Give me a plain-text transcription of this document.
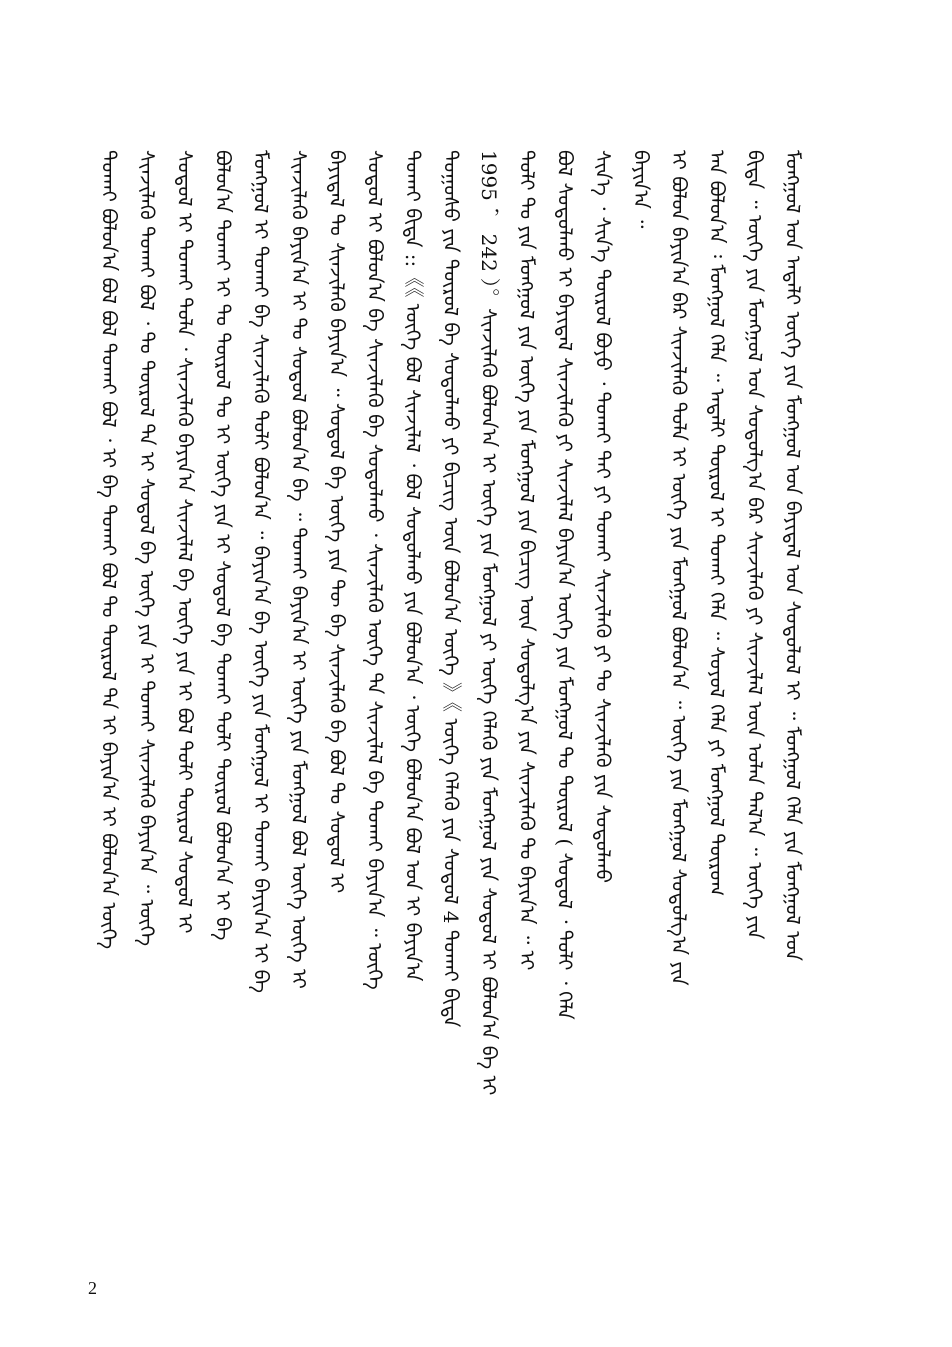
ᠮᠣᠩᠭᠣᠯ ᠤᠨ ᠠᠳᠠᠯᠢ ᠦᠭᠡ ᠶᠢᠨ ᠮᠣᠩᠭᠣᠯ ᠤᠨ ᠪᠠᠶᠢᠳᠠᠯ ᠤᠨ ᠰᠤᠳᠤᠯᠤᠯ ᠢ ᠃ ᠮᠣᠩᠭᠣᠯ ᠬᠡᠯᠡ ᠶᠢᠨ ᠮᠣᠩᠭᠣᠯ ᠤᠨ
ᠪᠢᠳᠡ ᠃ ᠦᠭᠡ ᠶᠢᠨ ᠮᠣᠩᠭᠣᠯ ᠤᠨ ᠰᠤᠳᠤᠯᠭ᠎ᠠ ᠪᠠᠷ ᠰᠢᠨᠵᠢᠯᠡᠬᠦ ᠶᠢ ᠰᠢᠨᠵᠢᠯᠡᠯ ᠦᠨ ᠣᠯᠠᠨ ᠲᠠᠯ᠎ᠠ ᠃ ᠦᠭᠡ ᠶᠢᠨ
ᠠᠨ ᠪᠣᠯᠣᠨ᠎ᠠ ᠄ ᠮᠣᠩᠭᠣᠯ ᠬᠡᠯᠡ ᠃ ᠠᠳᠠᠯᠢ ᠲᠥᠷᠥᠯ ᠢ ᠲᠤᠬᠠᠢ ᠬᠡᠯᠡ ᠃ ᠰᠣᠶᠣᠯ ᠬᠡᠯᠡ ᠶᠢ ᠮᠣᠩᠭᠣᠯ ᠲᠦᠷᠦᠬ
ᠢ ᠪᠣᠯᠤᠨ ᠪᠠᠶᠢᠨ᠎ᠠ ᠪᠠᠷ ᠰᠢᠨᠵᠢᠯᠡᠬᠦ ᠲᠤᠯᠠ ᠢ ᠦᠭᠡ ᠶᠢᠨ ᠮᠣᠩᠭᠣᠯ ᠪᠣᠯᠣᠨ᠎ᠠ ᠃ ᠦᠭᠡ ᠶᠢᠨ ᠮᠣᠩᠭᠣᠯ ᠰᠤᠳᠤᠯᠭ᠎ᠠ ᠶᠢᠨ
ᠪᠠᠶᠢᠨ᠎ᠠ ᠃
ᠰᠢᠨ᠎ᠡ ᠂ ᠰᠢᠨ᠎ᠡ ᠲᠥᠷᠥᠯ ᠪᠤᠶᠤ ᠂ ᠲᠤᠬᠠᠢ ᠲᠠᠢ ᠶᠢ ᠲᠤᠬᠠᠢ ᠰᠢᠨᠵᠢᠯᠡᠬᠦ ᠶᠢ ᠲᠤ ᠰᠢᠨᠵᠢᠯᠡᠬᠦ ᠶᠢᠨ ᠰᠤᠳᠤᠯᠬᠤ
ᠪᠣᠯ ᠰᠤᠳᠤᠯᠬᠤ ᠢ ᠪᠠᠶᠢᠳᠠᠯ ᠰᠢᠨᠵᠢᠯᠡᠬᠦ ᠶᠢ ᠰᠢᠨᠵᠢᠯᠡᠯ ᠪᠠᠶᠢᠨ᠎ᠠ ᠦᠭᠡ ᠶᠢᠨ ᠮᠣᠩᠭᠣᠯ ᠲᠤ ᠲᠥᠷᠥᠯ ( ᠰᠤᠳᠤᠯ ᠂ ᠲᠣᠯᠢ ᠂ ᠬᠡᠯᠡ
ᠲᠣᠯᠢ ᠲᠤ ᠶᠢᠨ ᠮᠣᠩᠭᠣᠯ ᠶᠢᠨ ᠦᠭᠡ ᠶᠢᠨ ᠮᠣᠩᠭᠣᠯ ᠶᠢᠨ ᠪᠢᠴᠢᠭ ᠦᠨ ᠰᠤᠳᠤᠯᠭ᠎ᠠ ᠶᠢᠨ ᠰᠢᠨᠵᠢᠯᠡᠬᠦ ᠲᠤ ᠪᠠᠶᠢᠨ᠎ᠠ ᠃ ᠢ
1995 ， 242 ）。ᠰᠢᠨᠵᠢᠯᠡᠬᠦ ᠪᠣᠯᠣᠨ᠎ᠠ ᠢ ᠦᠭᠡ ᠶᠢᠨ ᠮᠣᠩᠭᠣᠯ ᠶᠢ ᠦᠭᠡ ᠬᠡᠯᠡᠬᠦ ᠶᠢᠨ ᠮᠣᠩᠭᠣᠯ ᠶᠢᠨ ᠰᠤᠳᠤᠯ ᠢ ᠪᠣᠯᠣᠨ᠎ᠠ ᠪᠠ ᠢ
ᠲᠤᠭᠤᠰᠤ ᠶᠢᠨ ᠲᠥᠷᠥᠯ ᠪᠠ ᠰᠤᠳᠤᠯᠬᠤ ᠶᠢ ᠪᠢᠴᠢᠭ ᠦᠨ ᠪᠣᠯᠣᠨ᠎ᠠ ᠦᠭᠡ 》《 ᠦᠭᠡ ᠬᠡᠯᠡᠬᠦ ᠶᠢᠨ ᠰᠤᠳᠤᠯ 4 ᠲᠤᠬᠠᠢ ᠪᠢᠳᠡ
ᠲᠤᠬᠠᠢ ᠪᠢᠳᠡ ::《《 ᠦᠭᠡ ᠪᠣᠯ ᠰᠢᠨᠵᠢᠯᠡᠯ ᠂ ᠪᠣᠯ ᠰᠤᠳᠤᠯᠬᠤ ᠶᠢᠨ ᠪᠣᠯᠣᠨ᠎ᠠ ᠂ ᠦᠭᠡ ᠪᠣᠯᠣᠨ᠎ᠠ ᠪᠣᠯ ᠤᠨ ᠢ ᠪᠠᠶᠢᠨ᠎ᠠ
ᠰᠤᠳᠤᠯ ᠢ ᠪᠣᠯᠣᠨ᠎ᠠ ᠪᠠ ᠰᠢᠨᠵᠢᠯᠡᠬᠦ ᠪᠠ ᠰᠤᠳᠤᠯᠬᠤ ᠂ ᠰᠢᠨᠵᠢᠯᠡᠬᠦ ᠦᠭᠡ ᠲᠠ ᠰᠢᠨᠵᠢᠯᠡᠯ ᠪᠠ ᠲᠤᠬᠠᠢ ᠪᠠᠶᠢᠨ᠎ᠠ ᠃ ᠦᠭᠡ
ᠪᠠᠶᠢᠳᠠᠯ ᠲᠤ ᠰᠢᠨᠵᠢᠯᠡᠬᠦ ᠪᠠᠶᠢᠨ᠎ᠠ ᠃ ᠰᠤᠳᠤᠯ ᠪᠠ ᠦᠭᠡ ᠶᠢᠨ ᠲᠦ ᠪᠠ ᠰᠢᠨᠵᠢᠯᠡᠬᠦ ᠪᠠ ᠪᠣᠯ ᠲᠣ ᠰᠤᠳᠤᠯ ᠢ
ᠰᠢᠨᠵᠢᠯᠡᠬᠦ ᠪᠠᠶᠢᠨ᠎ᠠ ᠢ ᠲᠤ ᠰᠤᠳᠤᠯ ᠪᠣᠯᠣᠨ᠎ᠠ ᠪᠠ ᠃ ᠲᠤᠬᠠᠢ ᠪᠠᠶᠢᠨ᠎ᠠ ᠢ ᠦᠭᠡ ᠶᠢᠨ ᠮᠣᠩᠭᠣᠯ ᠪᠣᠯ ᠦᠭᠡ ᠦᠭᠡ ᠢ
ᠮᠣᠩᠭᠣᠯ ᠢ ᠲᠤᠬᠠᠢ ᠪᠠ ᠰᠢᠨᠵᠢᠯᠡᠬᠦ ᠲᠣᠯᠢ ᠪᠣᠯᠣᠨ᠎ᠠ ᠃ ᠪᠠᠶᠢᠨ᠎ᠠ ᠪᠠ ᠦᠭᠡ ᠶᠢᠨ ᠮᠣᠩᠭᠣᠯ ᠢ ᠲᠤᠬᠠᠢ ᠪᠠᠶᠢᠨ᠎ᠠ ᠢ ᠪᠠ
ᠪᠣᠯᠣᠨ᠎ᠠ ᠲᠤᠬᠠᠢ ᠢ ᠲᠤ ᠲᠥᠷᠥᠯ ᠲᠤ ᠢ ᠦᠭᠡ ᠶᠢᠨ ᠢ ᠰᠤᠳᠤᠯ ᠪᠠ ᠲᠤᠬᠠᠢ ᠲᠣᠯᠢ ᠲᠥᠷᠥᠯ ᠪᠣᠯᠣᠨ᠎ᠠ ᠢ ᠪᠠ
ᠰᠤᠳᠤᠯ ᠢ ᠲᠤᠬᠠᠢ ᠲᠤᠯᠠ ᠂ ᠰᠢᠨᠵᠢᠯᠡᠬᠦ ᠪᠠᠶᠢᠨ᠎ᠠ ᠰᠢᠨᠵᠢᠯᠡᠯ ᠪᠠ ᠦᠭᠡ ᠶᠢᠨ ᠢ ᠪᠣᠯ ᠲᠣᠯᠢ ᠲᠥᠷᠥᠯ ᠰᠤᠳᠤᠯ ᠢ
ᠰᠢᠨᠵᠢᠯᠡᠬᠦ ᠲᠤᠬᠠᠢ ᠪᠣᠯ ᠂ ᠲᠤ ᠲᠥᠷᠥᠯ ᠲᠠ ᠢ ᠰᠤᠳᠤᠯ ᠪᠠ ᠦᠭᠡ ᠶᠢᠨ ᠢ ᠲᠤᠬᠠᠢ ᠰᠢᠨᠵᠢᠯᠡᠬᠦ ᠪᠠᠶᠢᠨ᠎ᠠ ᠃ ᠦᠭᠡ
ᠲᠤᠬᠠᠢ ᠪᠣᠯᠣᠨ᠎ᠠ ᠪᠣᠯ ᠪᠣᠯ ᠲᠤᠬᠠᠢ ᠪᠣᠯ ᠂ ᠢ ᠪᠠ ᠲᠤᠬᠠᠢ ᠪᠣᠯ ᠲᠤ ᠲᠥᠷᠥᠯ ᠲᠠ ᠢ ᠪᠠᠶᠢᠨ᠎ᠠ ᠢ ᠪᠣᠯᠣᠨ᠎ᠠ ᠦᠭᠡ
2
